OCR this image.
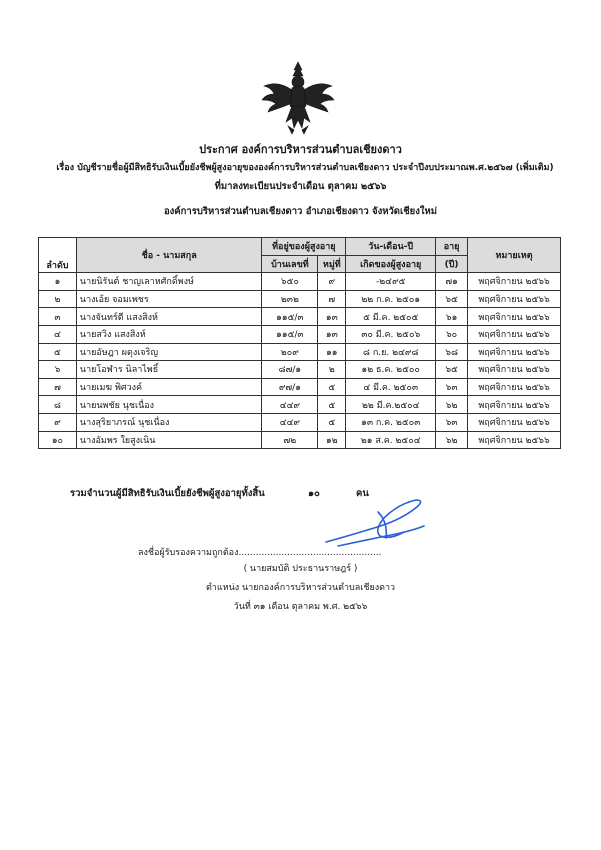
ประกาศ องค์การบริหารส่วนตำบลเชียงดาว
เรื่อง บัญชีรายชื่อผู้มีสิทธิรับเงินเบี้ยยังชีพผู้สูงอายุขององค์การบริหารส่วนตำบลเชียงดาว ประจำปีงบประมาณพ.ศ.๒๕๖๗ (เพิ่มเติม)
ที่มาลงทะเบียนประจำเดือน ตุลาคม ๒๕๖๖
องค์การบริหารส่วนตำบลเชียงดาว อำเภอเชียงดาว จังหวัดเชียงใหม่
ลำดับ	ชื่อ - นามสกุล	ที่อยู่ของผู้สูงอายุ		วัน-เดือน-ปี	อายุ	หมายเหตุ
		บ้านเลขที่	หมู่ที่	เกิดของผู้สูงอายุ	(ปี)	
๑	นายนิรันต์ ชาญเลาหศักดิ์พงษ์	๖๕๐	๙	-๒๔๙๕	๗๑	พฤศจิกายน ๒๕๖๖
๒	นางเอ้ย จอมเพชร	๒๓๒	๗	๒๒ ก.ค. ๒๕๐๑	๖๕	พฤศจิกายน ๒๕๖๖
๓	นางจันทร์ตี แสงสิงห์	๑๑๕/๓	๑๓	๕ มี.ค. ๒๕๐๕	๖๑	พฤศจิกายน ๒๕๖๖
๔	นายสวิง แสงสิงห์	๑๑๕/๓	๑๓	๓๐ มี.ค. ๒๕๐๖	๖๐	พฤศจิกายน ๒๕๖๖
๕	นายอัษฎา ผดุงเจริญ	๒๐๙	๑๑	๘ ก.ย. ๒๔๙๘	๖๘	พฤศจิกายน ๒๕๖๖
๖	นายโอฬาร นิลาไพธิ์	๘๗/๑	๒	๑๒ ธ.ค. ๒๕๐๐	๖๕	พฤศจิกายน ๒๕๖๖
๗	นายเมฆ พิศวงค์	๙๗/๑	๕	๔ มี.ค. ๒๕๐๓	๖๓	พฤศจิกายน ๒๕๖๖
๘	นายนพชัย นุชเนื่อง	๔๔๙	๕	๒๒ มี.ค.๒๕๐๔	๖๒	พฤศจิกายน ๒๕๖๖
๙	นางสุริยาภรณ์ นุชเนื่อง	๔๔๙	๕	๑๓ ก.ค. ๒๕๐๓	๖๓	พฤศจิกายน ๒๕๖๖
๑๐	นางอัมพร ใยสูงเนิน	๗๒	๑๒	๒๑ ส.ค. ๒๕๐๔	๖๒	พฤศจิกายน ๒๕๖๖
รวมจำนวนผู้มีสิทธิรับเงินเบี้ยยังชีพผู้สูงอายุทั้งสิ้น	๑๐	คน
ลงชื่อผู้รับรองความถูกต้อง..................................................
( นายสมบัติ ประธานราษฎร์ )
ตำแหน่ง นายกองค์การบริหารส่วนตำบลเชียงดาว
วันที่ ๓๑ เดือน ตุลาคม พ.ศ. ๒๕๖๖
